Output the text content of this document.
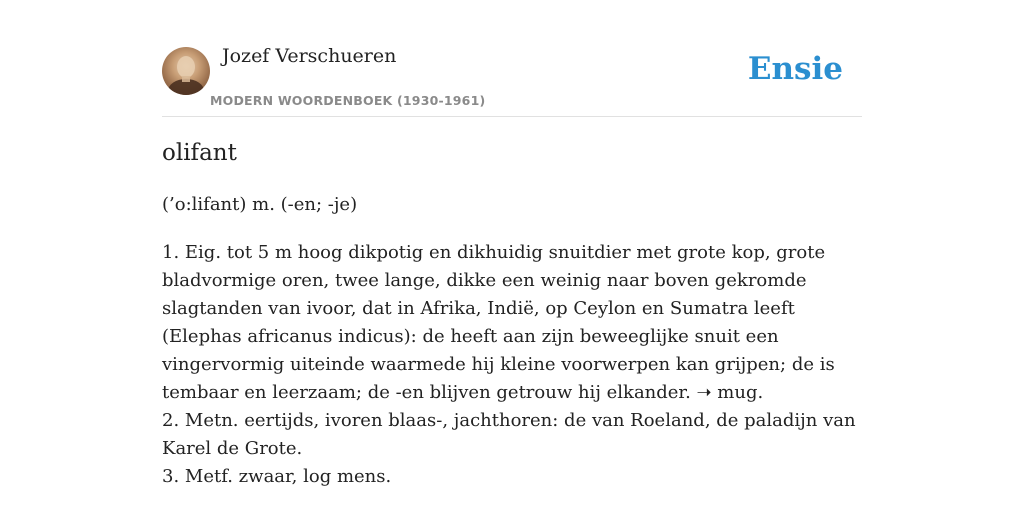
Jozef Verschueren
MODERN WOORDENBOEK (1930-1961)
Ensie
olifant
(’o:lifant) m. (-en; -je)

1. Eig. tot 5 m hoog dikpotig en dikhuidig snuitdier met grote kop, grote bladvormige oren, twee lange, dikke een weinig naar boven gekromde slagtanden van ivoor, dat in Afrika, Indië, op Ceylon en Sumatra leeft (Elephas africanus indicus): de heeft aan zijn beweeglijke snuit een vingervormig uiteinde waarmede hij kleine voorwerpen kan grijpen; de is tembaar en leerzaam; de -en blijven getrouw hij elkander. ➝ mug.

2. Metn. eertijds, ivoren blaas-, jachthoren: de van Roeland, de paladijn van Karel de Grote.

3. Metf. zwaar, log mens.
